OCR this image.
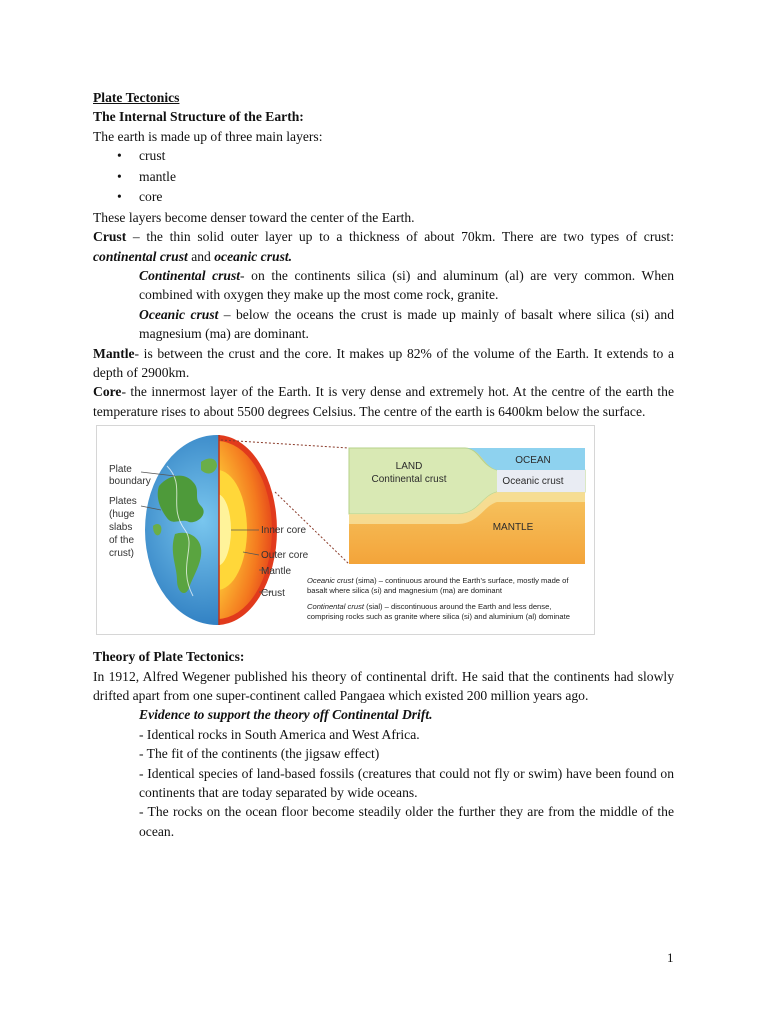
Plate Tectonics

The Internal Structure of the Earth:

The earth is made up of three main layers:

• crust
• mantle
• core

These layers become denser toward the center of the Earth.

Crust – the thin solid outer layer up to a thickness of about 70km. There are two types of crust: continental crust and oceanic crust.

Continental crust- on the continents silica (si) and aluminum (al) are very common. When combined with oxygen they make up the most come rock, granite.

Oceanic crust – below the oceans the crust is made up mainly of basalt where silica (si) and magnesium (ma) are dominant.

Mantle- is between the crust and the core. It makes up 82% of the volume of the Earth. It extends to a depth of 2900km.

Core- the innermost layer of the Earth. It is very dense and extremely hot. At the centre of the earth the temperature rises to about 5500 degrees Celsius. The centre of the earth is 6400km below the surface.

Plate
boundary
Plates
(huge
slabs
of the
crust)
Inner core
Outer core
Mantle
Crust
LAND
Continental crust
OCEAN
Oceanic crust
MANTLE
Oceanic crust (sima) – continuous around the Earth's surface, mostly made of
basalt where silica (si) and magnesium (ma) are dominant
Continental crust (sial) – discontinuous around the Earth and less dense,
comprising rocks such as granite where silica (si) and aluminium (al) dominate

Theory of Plate Tectonics:

In 1912, Alfred Wegener published his theory of continental drift. He said that the continents had slowly drifted apart from one super-continent called Pangaea which existed 200 million years ago.

Evidence to support the theory off Continental Drift.

- Identical rocks in South America and West Africa.

- The fit of the continents (the jigsaw effect)

- Identical species of land-based fossils (creatures that could not fly or swim) have been found on continents that are today separated by wide oceans.

- The rocks on the ocean floor become steadily older the further they are from the middle of the ocean.

1
